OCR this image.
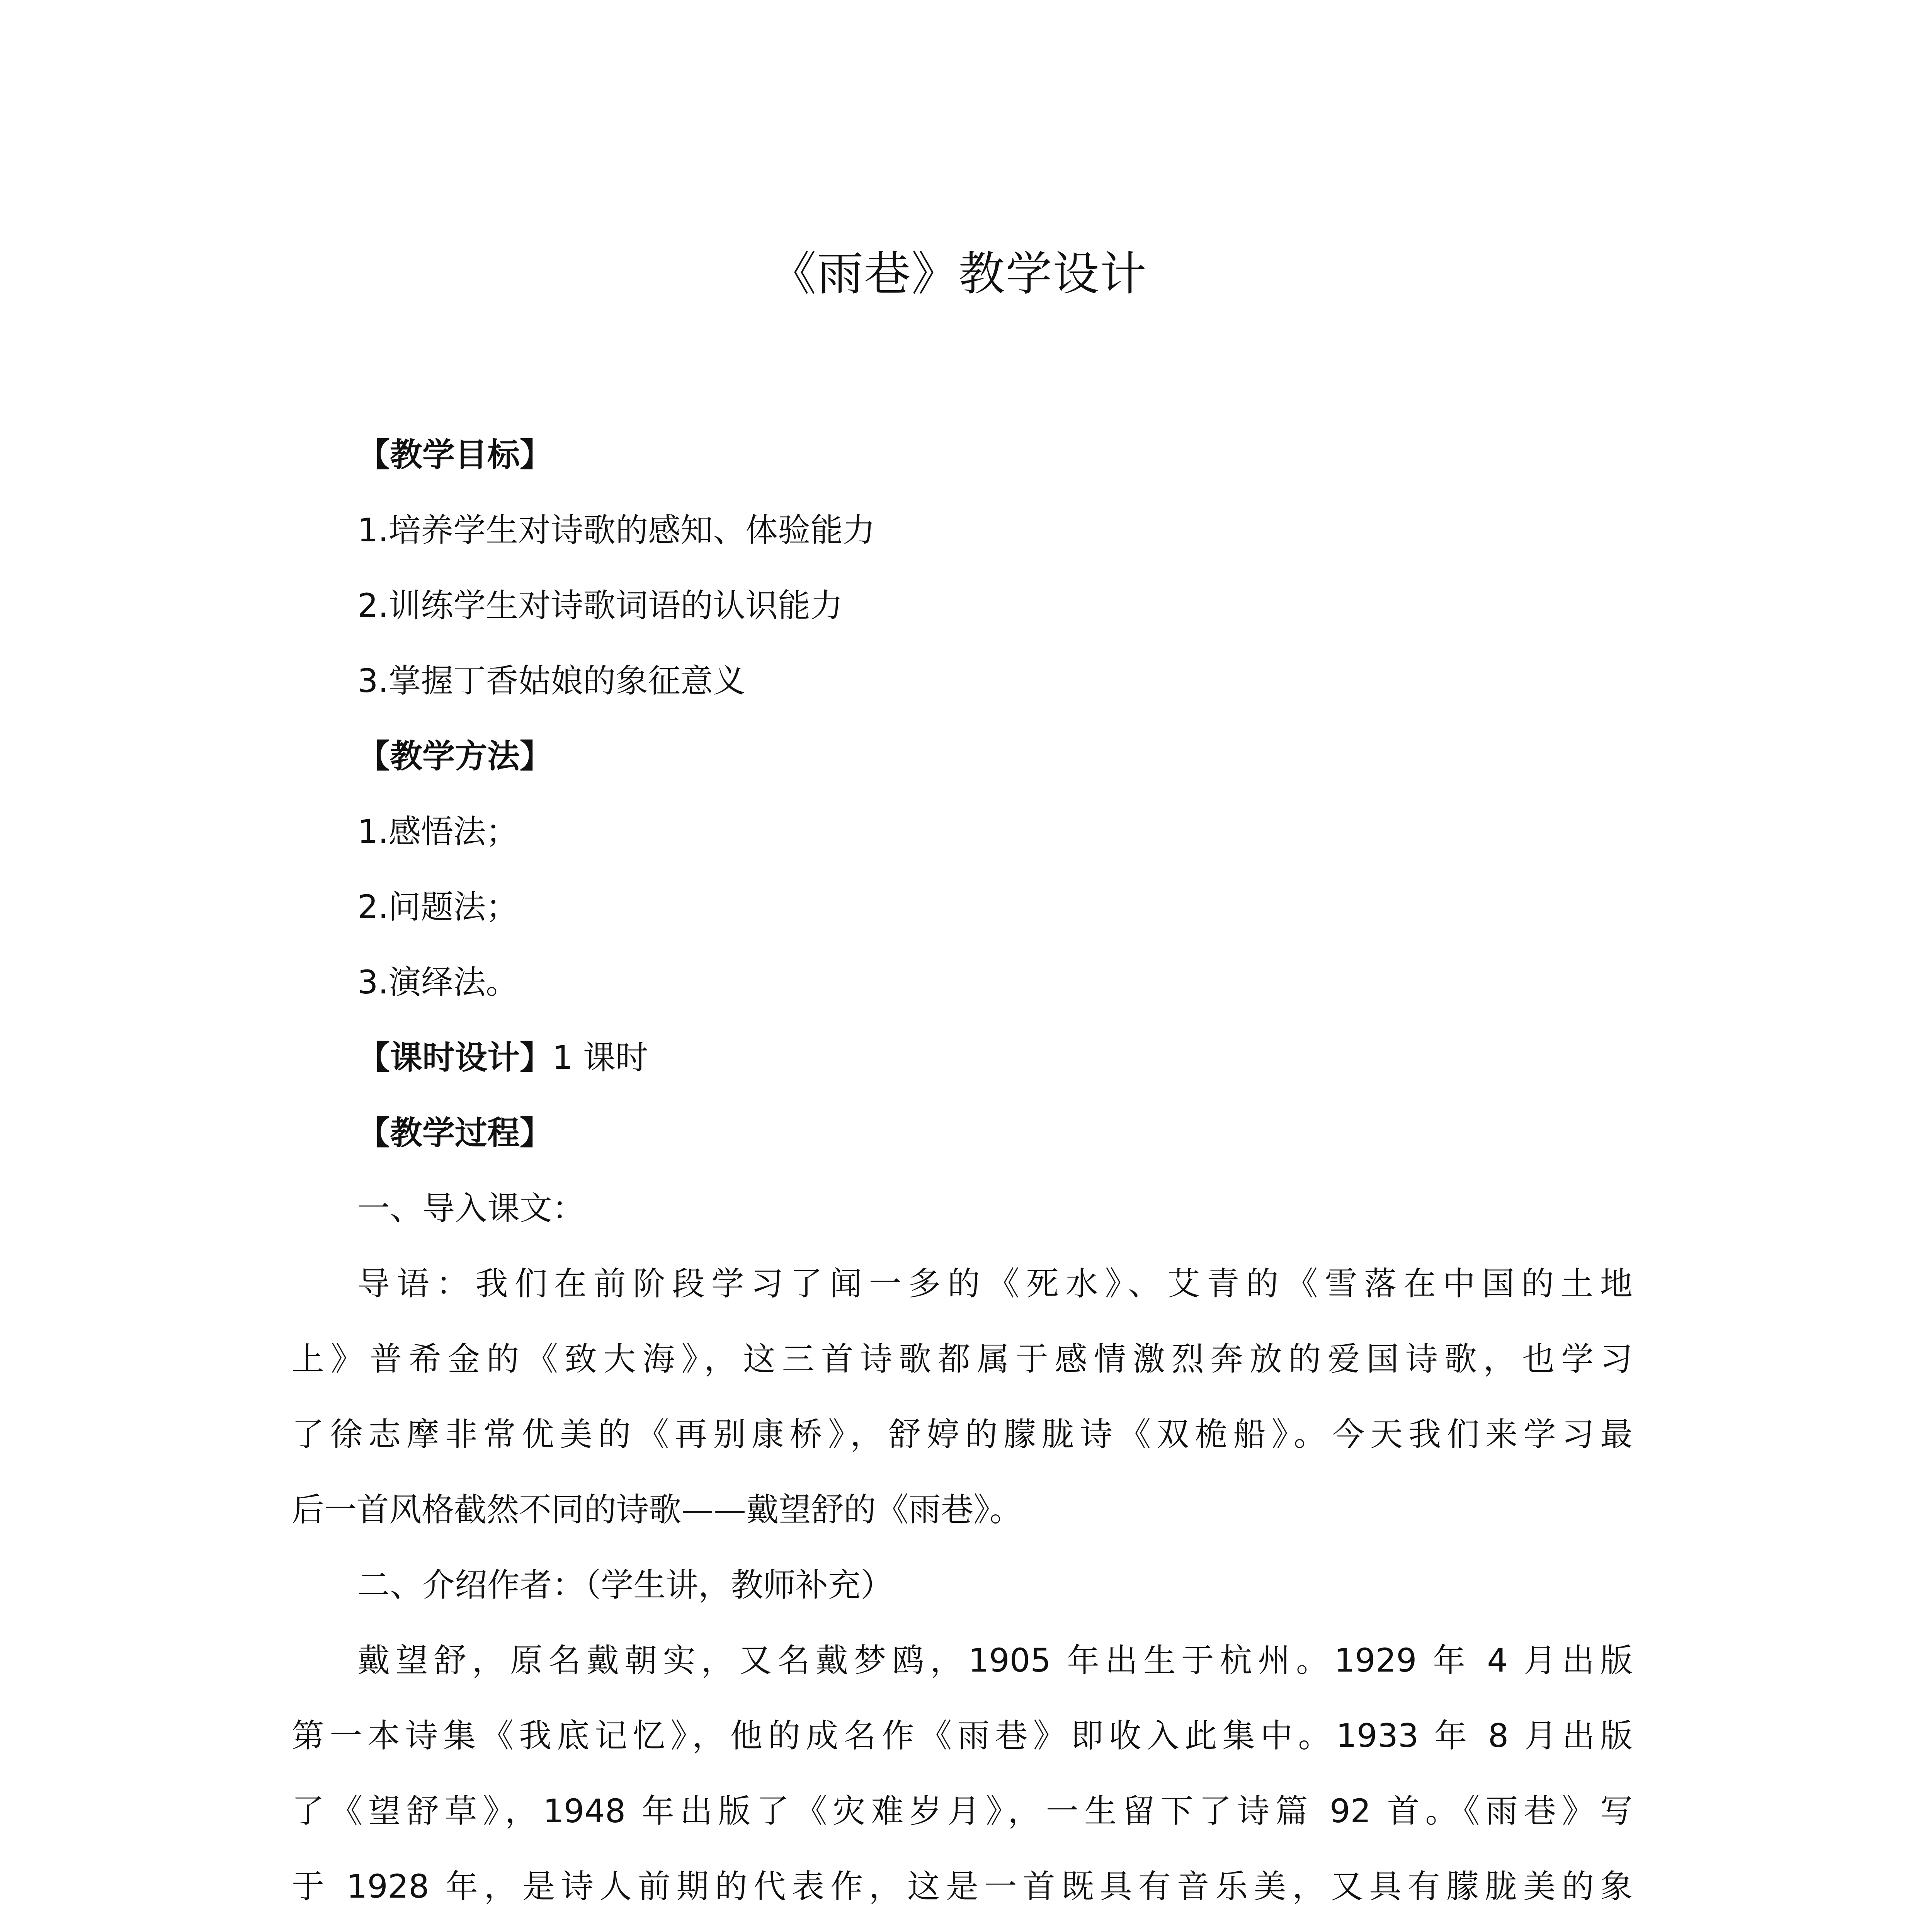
《雨巷》教学设计
【教学目标】
1.培养学生对诗歌的感知、体验能力
2.训练学生对诗歌词语的认识能力
3.掌握丁香姑娘的象征意义
【教学方法】
1.感悟法；
2.问题法；
3.演绎法。
【课时设计】1 课时
【教学过程】
一、导入课文：
导语：我们在前阶段学习了闻一多的《死水》、艾青的《雪落在中国的土地
上》普希金的《致大海》，这三首诗歌都属于感情激烈奔放的爱国诗歌，也学习
了徐志摩非常优美的《再别康桥》，舒婷的朦胧诗《双桅船》。今天我们来学习最
后一首风格截然不同的诗歌——戴望舒的《雨巷》。
二、介绍作者：（学生讲，教师补充）
戴望舒，原名戴朝实，又名戴梦鸥，1905 年出生于杭州。1929 年 4 月出版
第一本诗集《我底记忆》，他的成名作《雨巷》即收入此集中。1933 年 8 月出版
了《望舒草》，1948 年出版了《灾难岁月》，一生留下了诗篇 92 首。《雨巷》写
于 1928 年，是诗人前期的代表作，这是一首既具有音乐美，又具有朦胧美的象
